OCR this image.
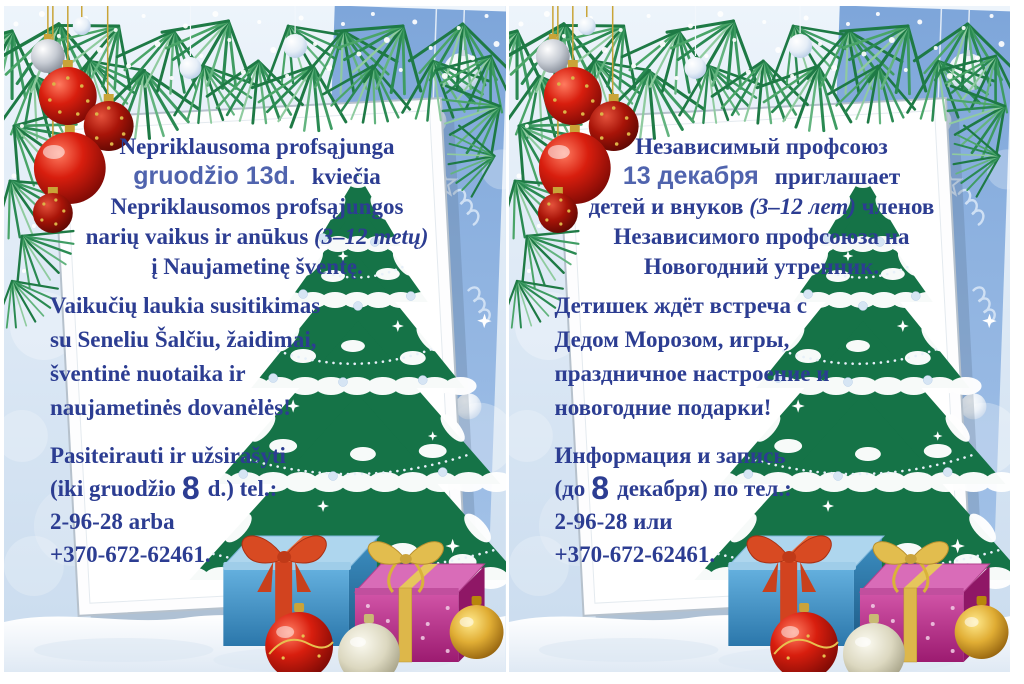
Nepriklausoma profsąjunga
gruodžio 13d. kviečia
Nepriklausomos profsąjungos
narių vaikus ir anūkus (3–12 metų)
į Naujametinę šventę.
Vaikučių laukia susitikimas
su Seneliu Šalčiu, žaidimai,
šventinė nuotaika ir
naujametinės dovanėlės!
Pasiteirauti ir užsirašyti
(iki gruodžio 8 d.) tel.:
2-96-28 arba
+370-672-62461.
Независимый профсоюз
13 декабря приглашает
детей и внуков (3–12 лет) членов
Независимого профсоюза на
Новогодний утренник.
Детишек ждёт встреча с
Дедом Морозом, игры,
праздничное настроение и
новогодние подарки!
Информация и запись
(до 8 декабря) по тел.:
2-96-28 или
+370-672-62461.
